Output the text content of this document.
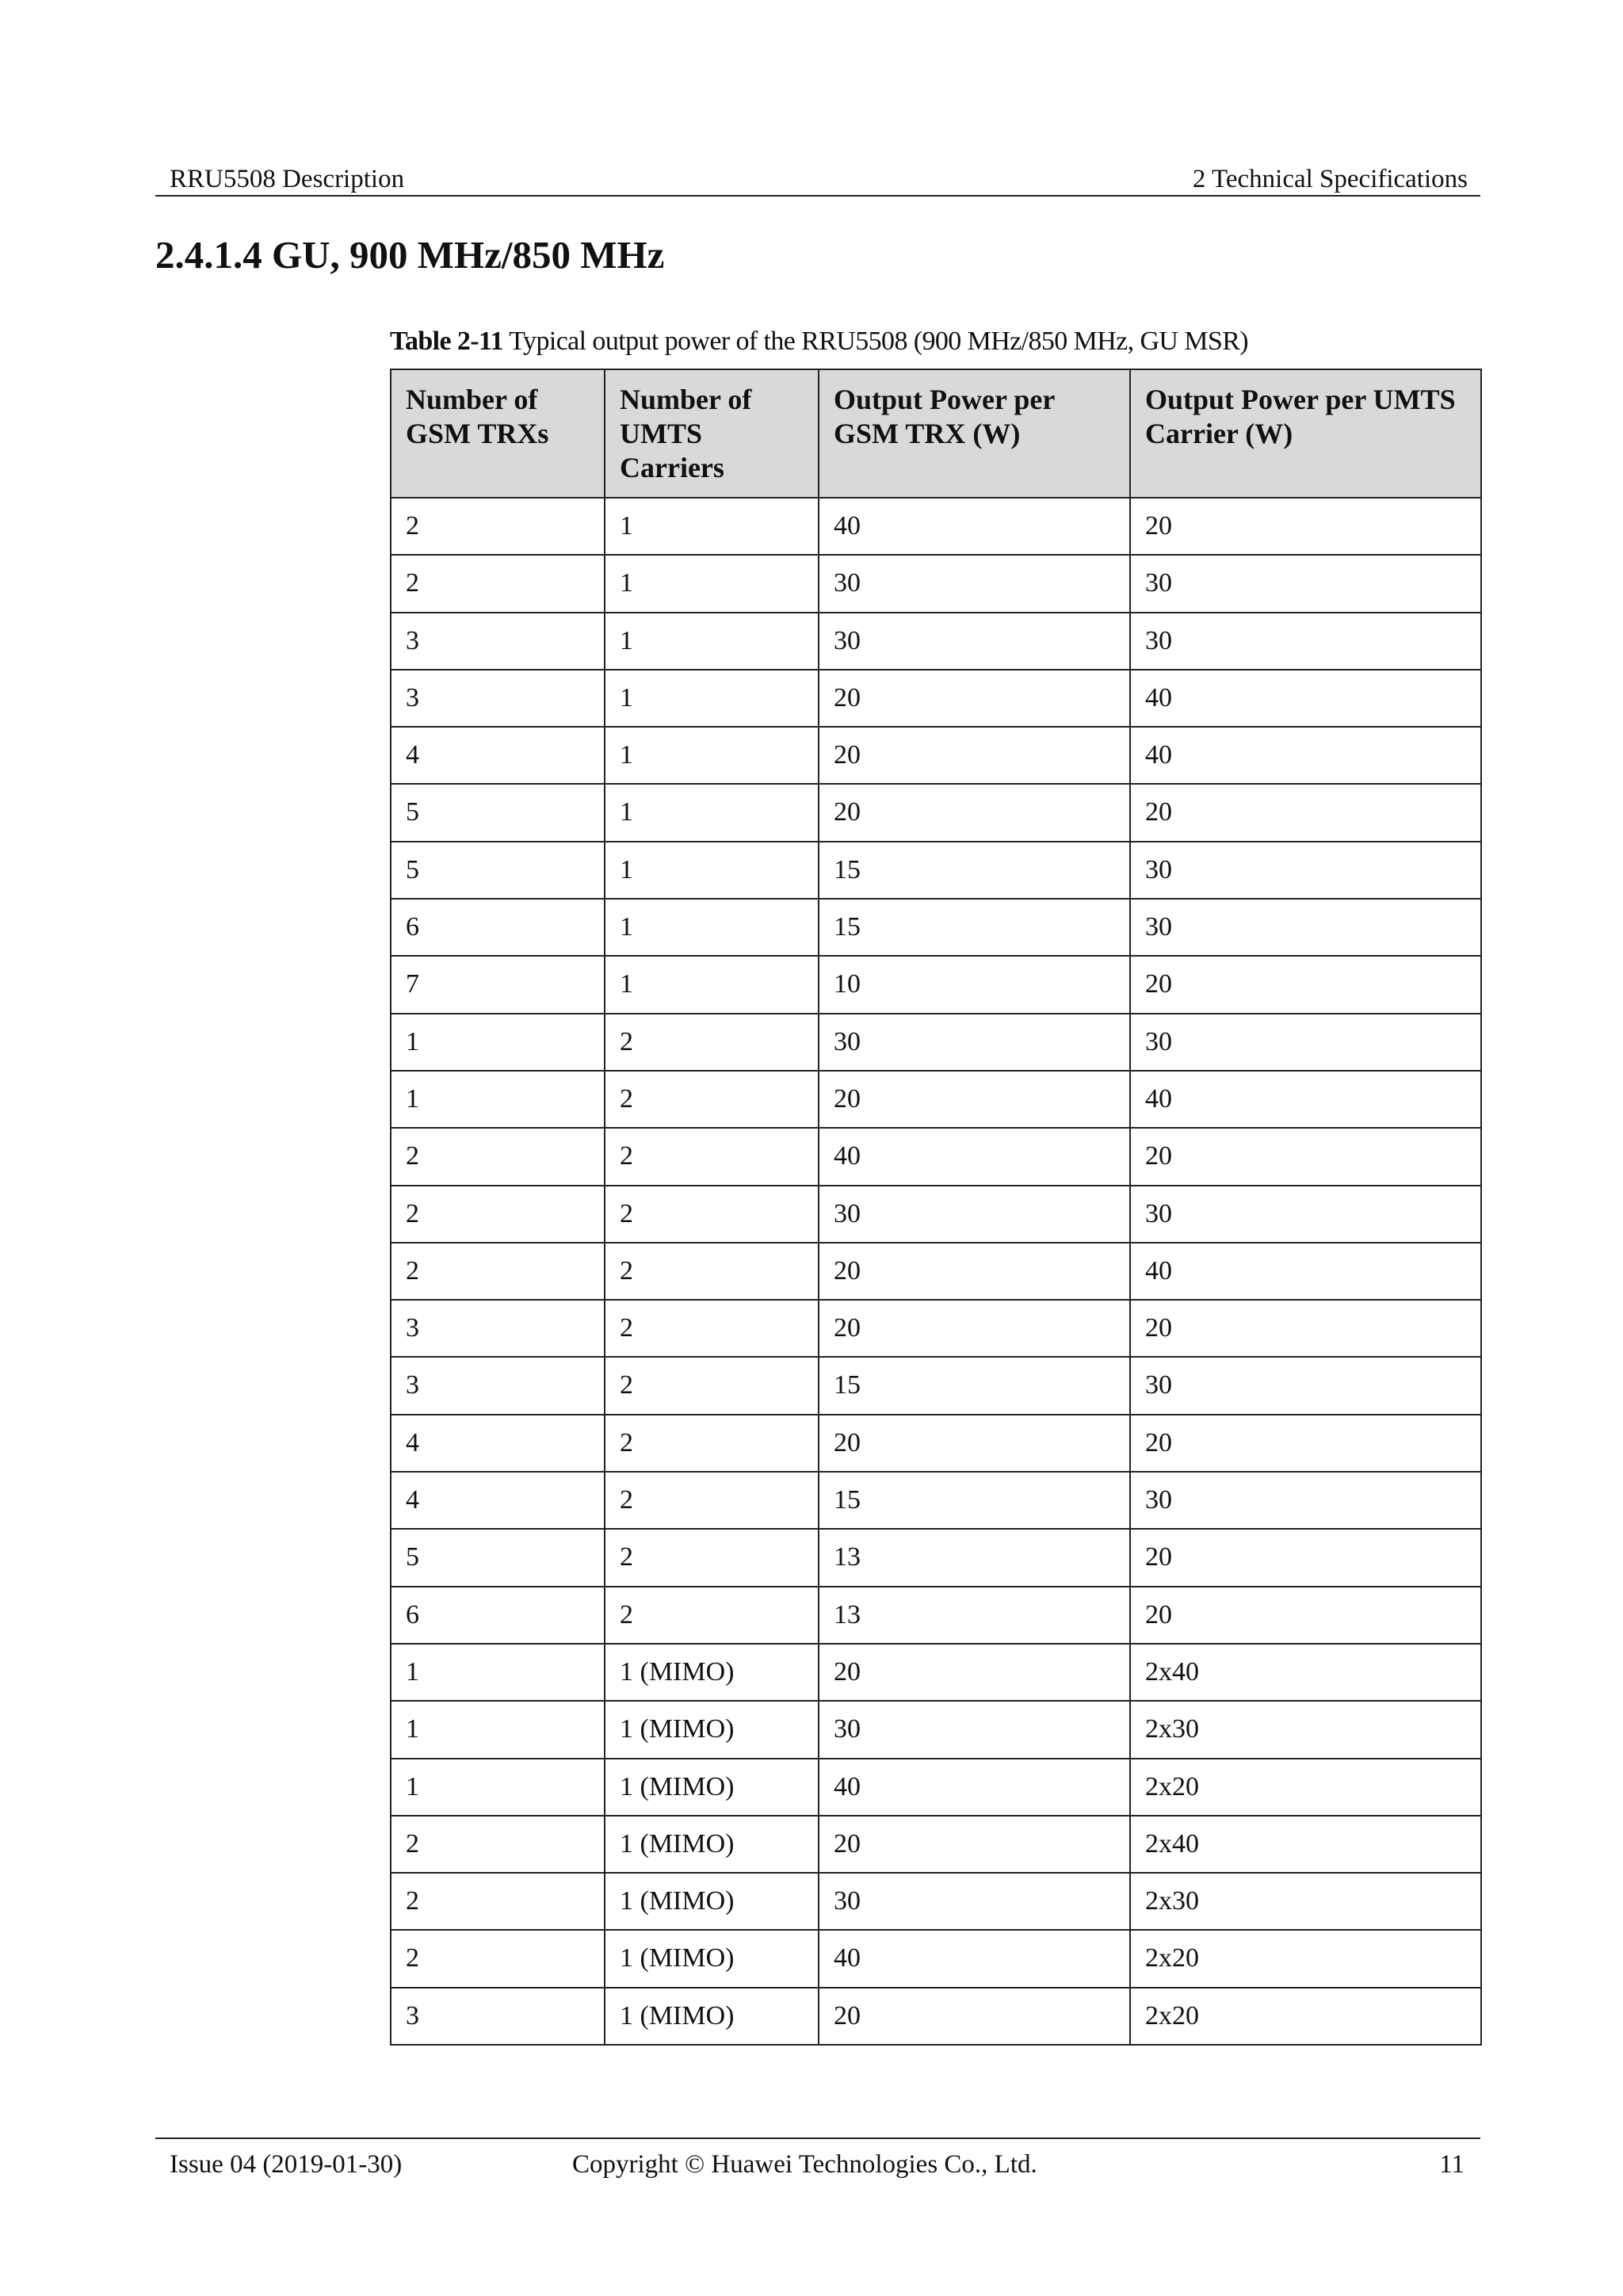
RRU5508 Description	2 Technical Specifications
2.4.1.4 GU, 900 MHz/850 MHz
Table 2-11 Typical output power of the RRU5508 (900 MHz/850 MHz, GU MSR)
Number of GSM TRXs	Number of UMTS Carriers	Output Power per GSM TRX (W)	Output Power per UMTS Carrier (W)
2	1	40	20
2	1	30	30
3	1	30	30
3	1	20	40
4	1	20	40
5	1	20	20
5	1	15	30
6	1	15	30
7	1	10	20
1	2	30	30
1	2	20	40
2	2	40	20
2	2	30	30
2	2	20	40
3	2	20	20
3	2	15	30
4	2	20	20
4	2	15	30
5	2	13	20
6	2	13	20
1	1 (MIMO)	20	2x40
1	1 (MIMO)	30	2x30
1	1 (MIMO)	40	2x20
2	1 (MIMO)	20	2x40
2	1 (MIMO)	30	2x30
2	1 (MIMO)	40	2x20
3	1 (MIMO)	20	2x20
Issue 04 (2019-01-30)	Copyright © Huawei Technologies Co., Ltd.	11
